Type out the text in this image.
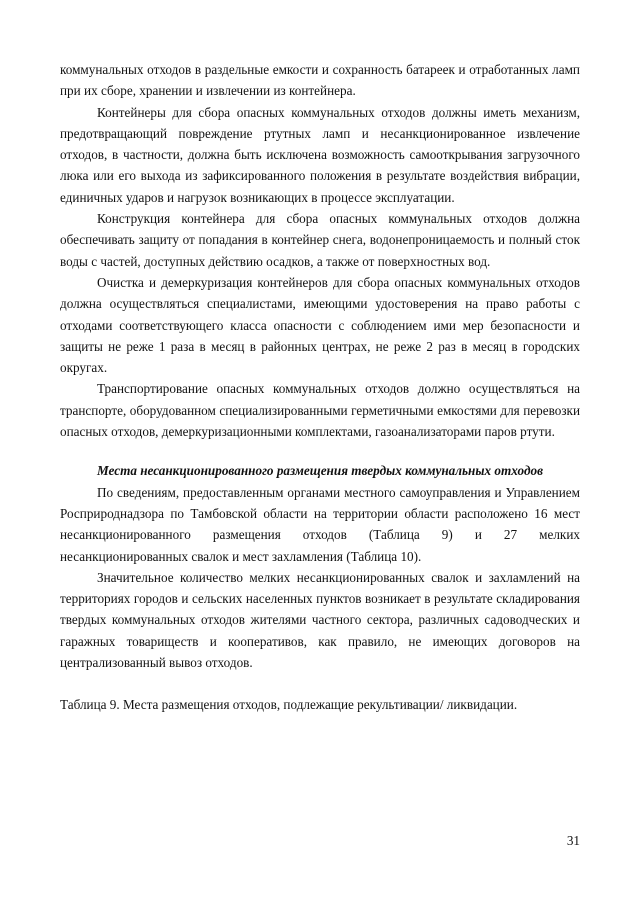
коммунальных отходов в раздельные емкости и сохранность батареек и отработанных ламп при их сборе, хранении и извлечении из контейнера.

Контейнеры для сбора опасных коммунальных отходов должны иметь механизм, предотвращающий повреждение ртутных ламп и несанкционированное извлечение отходов, в частности, должна быть исключена возможность самооткрывания загрузочного люка или его выхода из зафиксированного положения в результате воздействия вибрации, единичных ударов и нагрузок возникающих в процессе эксплуатации.

Конструкция контейнера для сбора опасных коммунальных отходов должна обеспечивать защиту от попадания в контейнер снега, водонепроницаемость и полный сток воды с частей, доступных действию осадков, а также от поверхностных вод.

Очистка и демеркуризация контейнеров для сбора опасных коммунальных отходов должна осуществляться специалистами, имеющими удостоверения на право работы с отходами соответствующего класса опасности с соблюдением ими мер безопасности и защиты не реже 1 раза в месяц в районных центрах, не реже 2 раз в месяц в городских округах.

Транспортирование опасных коммунальных отходов должно осуществляться на транспорте, оборудованном специализированными герметичными емкостями для перевозки опасных отходов, демеркуризационными комплектами, газоанализаторами паров ртути.

Места несанкционированного размещения твердых коммунальных отходов

По сведениям, предоставленным органами местного самоуправления и Управлением Росприроднадзора по Тамбовской области на территории области расположено 16 мест несанкционированного размещения отходов (Таблица 9) и 27 мелких несанкционированных свалок и мест захламления (Таблица 10).

Значительное количество мелких несанкционированных свалок и захламлений на территориях городов и сельских населенных пунктов возникает в результате складирования твердых коммунальных отходов жителями частного сектора, различных садоводческих и гаражных товариществ и кооперативов, как правило, не имеющих договоров на централизованный вывоз отходов.

Таблица 9. Места размещения отходов, подлежащие рекультивации/ ликвидации.

31
